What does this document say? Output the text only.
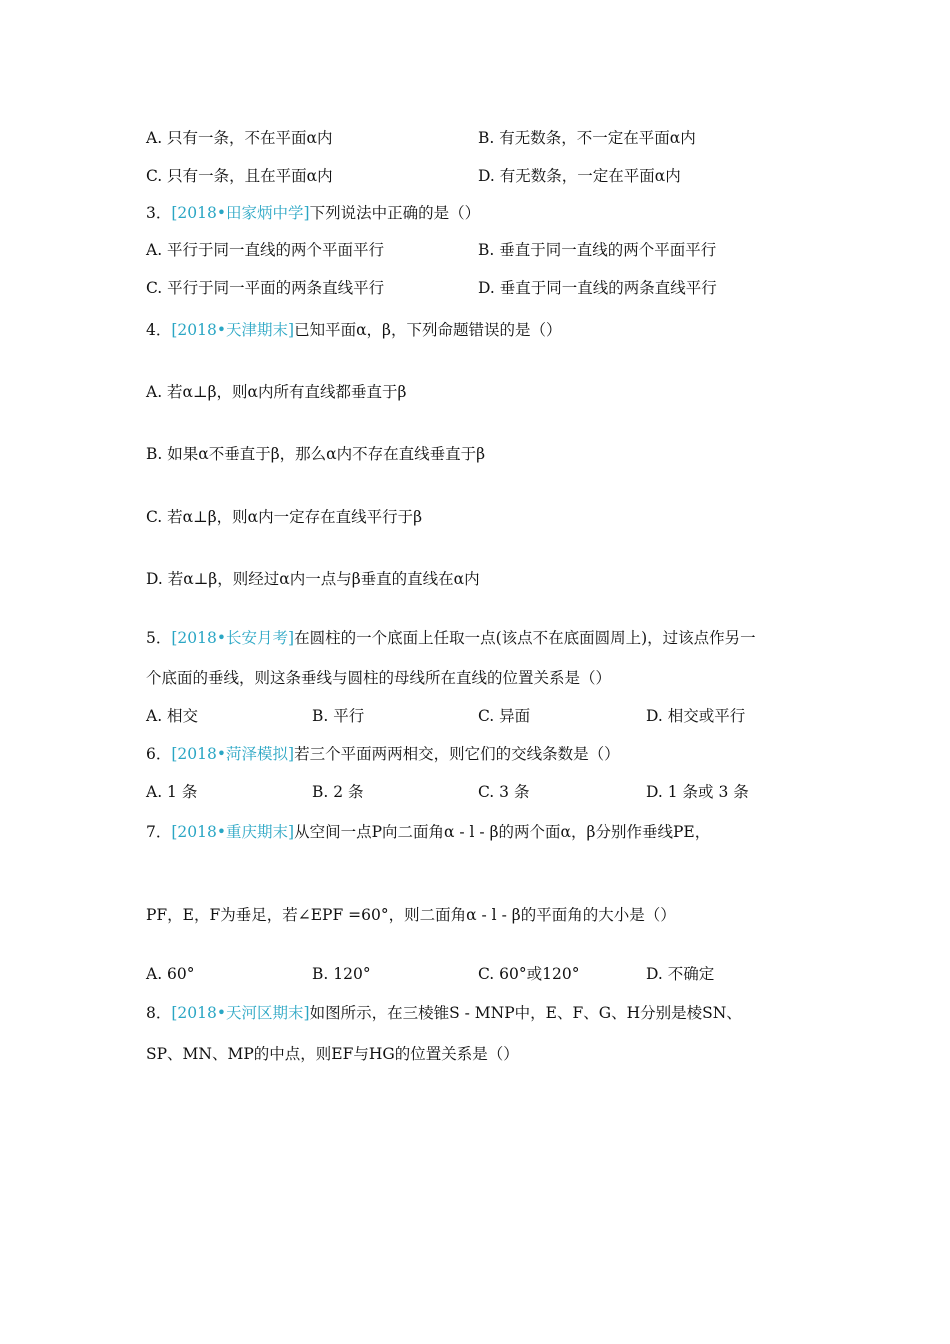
A. 只有一条，不在平面α内	B. 有无数条，不一定在平面α内
C. 只有一条，且在平面α内	D. 有无数条，一定在平面α内
3．[2018•田家炳中学]下列说法中正确的是（）
A. 平行于同一直线的两个平面平行	B. 垂直于同一直线的两个平面平行
C. 平行于同一平面的两条直线平行	D. 垂直于同一直线的两条直线平行
4．[2018•天津期末]已知平面α，β，下列命题错误的是（）
A. 若α⊥β，则α内所有直线都垂直于β
B. 如果α不垂直于β，那么α内不存在直线垂直于β
C. 若α⊥β，则α内一定存在直线平行于β
D. 若α⊥β，则经过α内一点与β垂直的直线在α内
5．[2018•长安月考]在圆柱的一个底面上任取一点(该点不在底面圆周上)，过该点作另一
个底面的垂线，则这条垂线与圆柱的母线所在直线的位置关系是（）
A. 相交	B. 平行	C. 异面	D. 相交或平行
6．[2018•菏泽模拟]若三个平面两两相交，则它们的交线条数是（）
A. 1 条	B. 2 条	C. 3 条	D. 1 条或 3 条
7．[2018•重庆期末]从空间一点P向二面角α - l - β的两个面α，β分别作垂线PE，
PF，E，F为垂足，若∠EPF =60°，则二面角α - l - β的平面角的大小是（）
A. 60°	B. 120°	C. 60°或120°	D. 不确定
8．[2018•天河区期末]如图所示，在三棱锥S - MNP中，E、F、G、H分别是棱SN、
SP、MN、MP的中点，则EF与HG的位置关系是（）
